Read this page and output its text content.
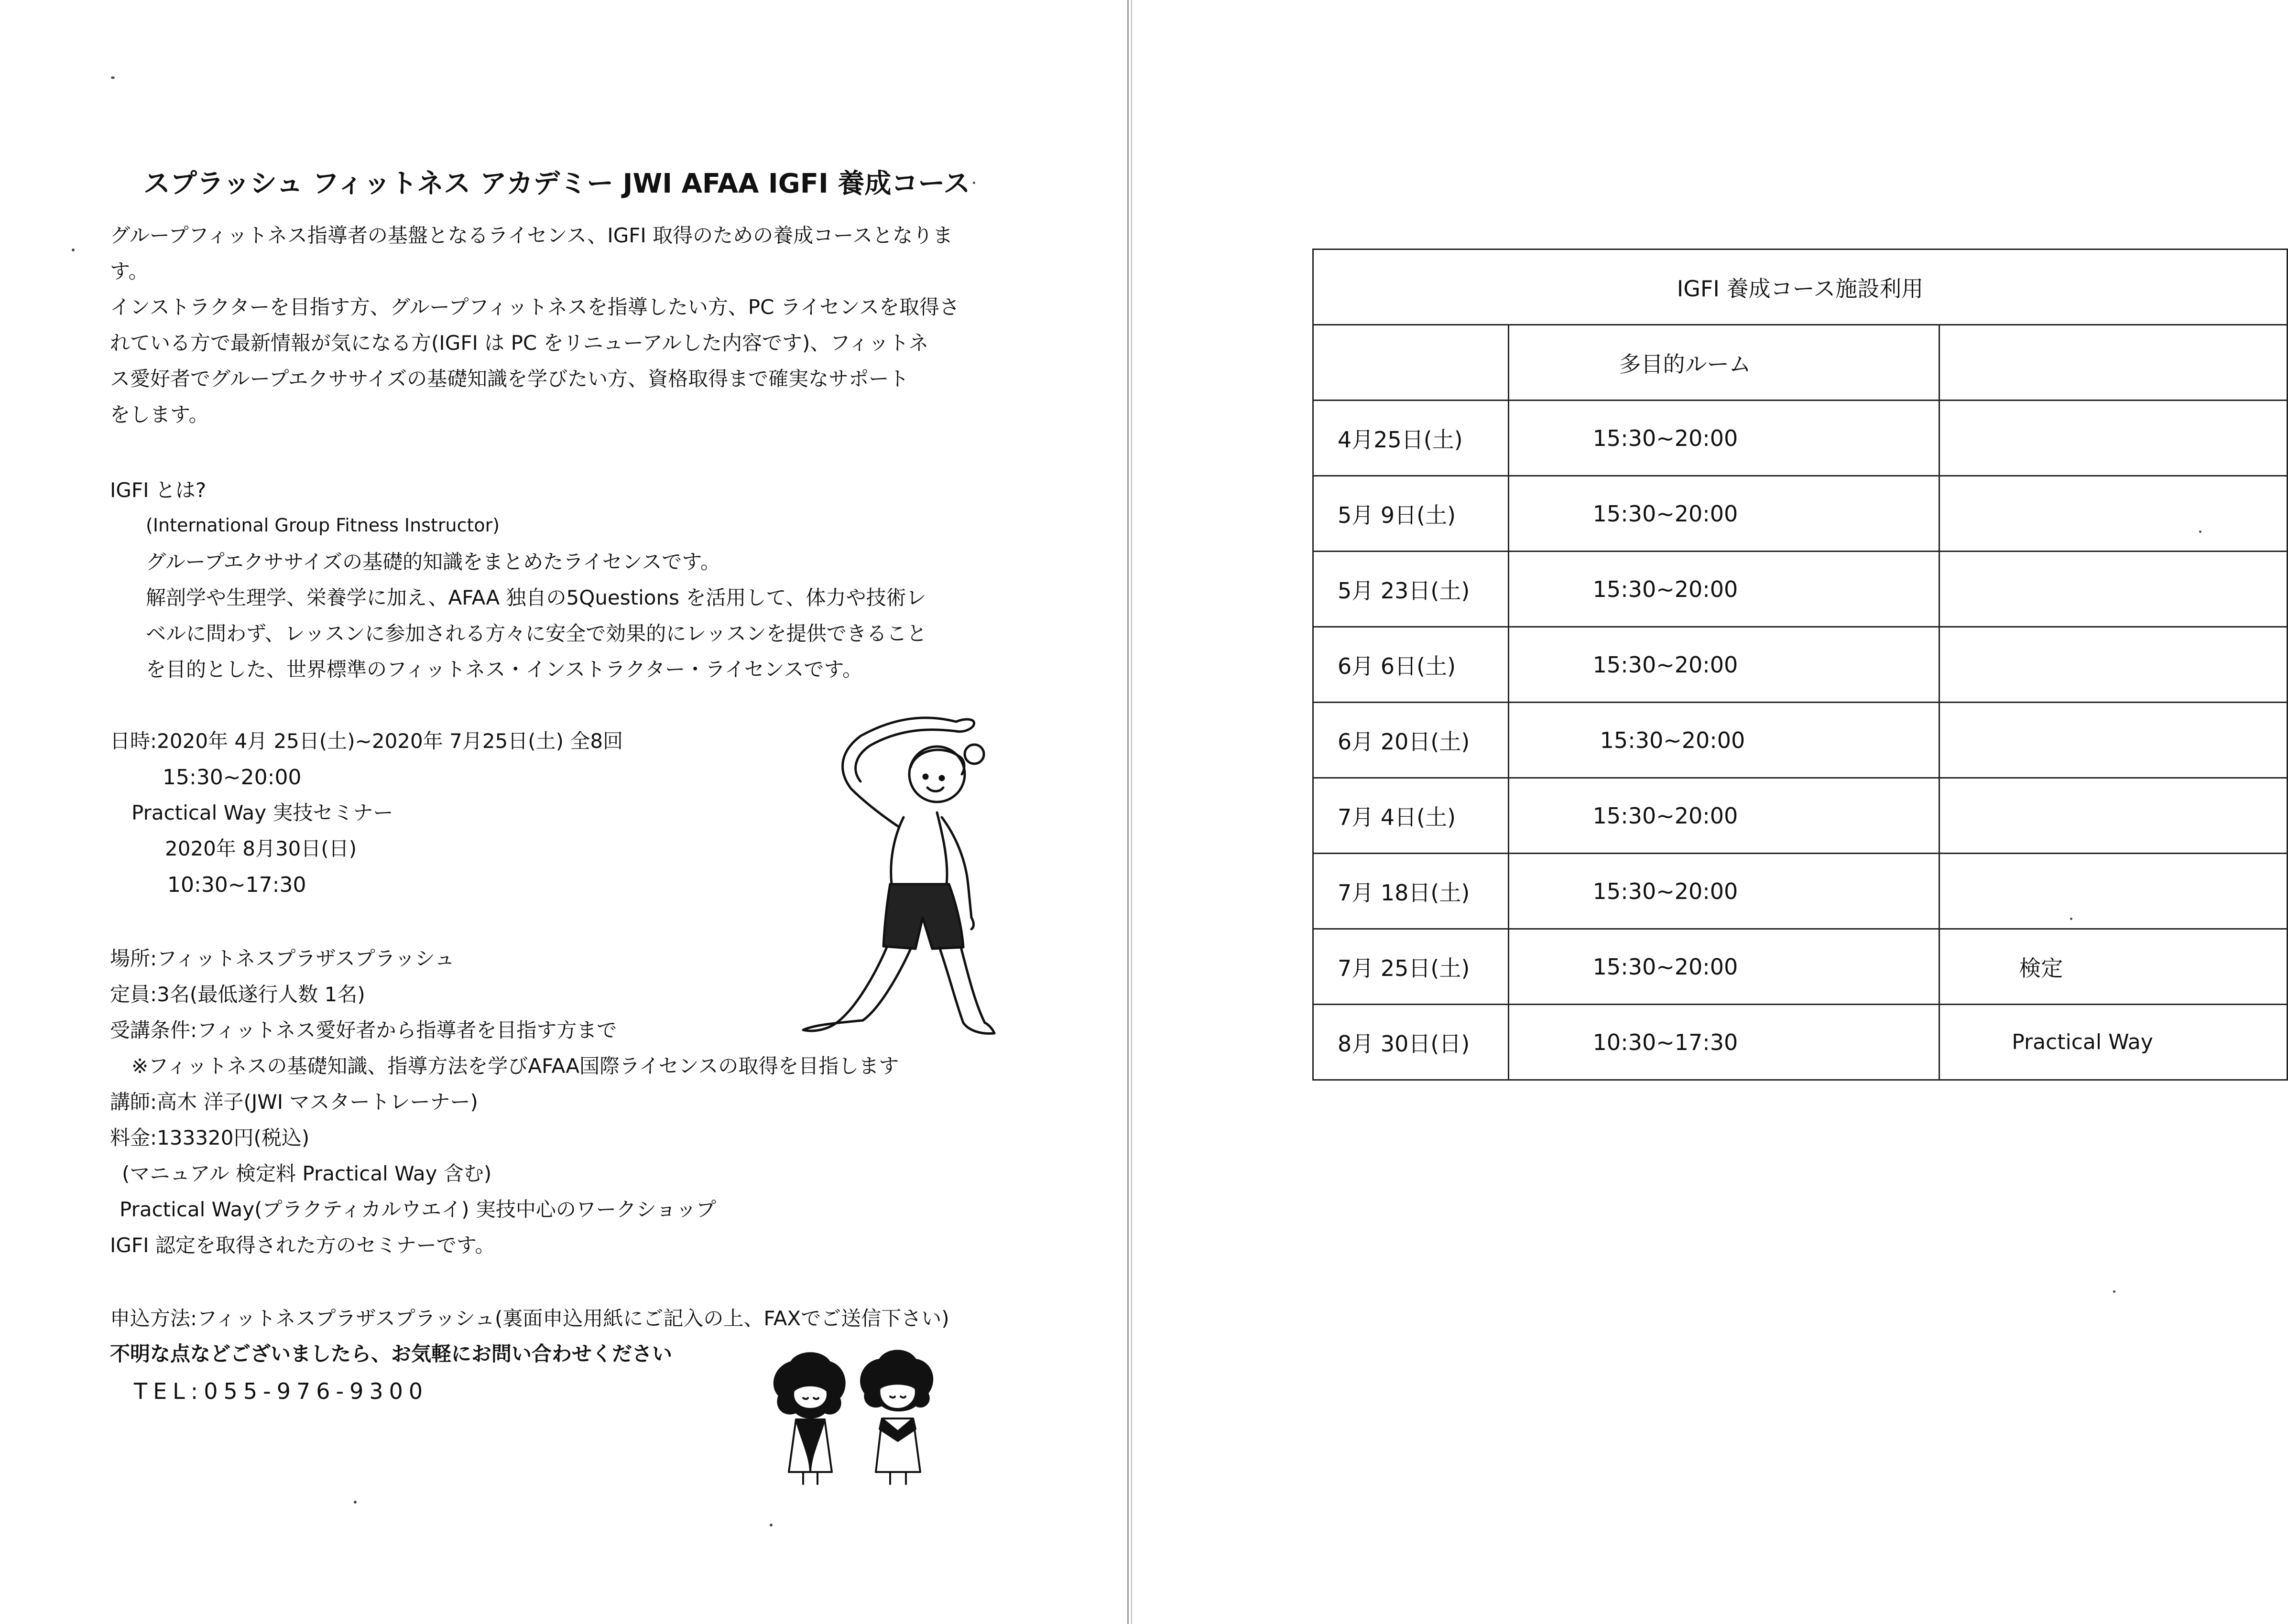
スプラッシュ フィットネス アカデミー JWI AFAA IGFI 養成コース
グループフィットネス指導者の基盤となるライセンス、IGFI 取得のための養成コースとなりま
す。
インストラクターを目指す方、グループフィットネスを指導したい方、PC ライセンスを取得さ
れている方で最新情報が気になる方(IGFI は PC をリニューアルした内容です)、フィットネ
ス愛好者でグループエクササイズの基礎知識を学びたい方、資格取得まで確実なサポート
をします。
IGFI とは?
(International Group Fitness Instructor)
グループエクササイズの基礎的知識をまとめたライセンスです。
解剖学や生理学、栄養学に加え、AFAA 独自の5Questions を活用して、体力や技術レ
ベルに問わず、レッスンに参加される方々に安全で効果的にレッスンを提供できること
を目的とした、世界標準のフィットネス・インストラクター・ライセンスです。
日時:2020年 4月 25日(土)~2020年 7月25日(土) 全8回
15:30~20:00
Practical Way 実技セミナー
2020年 8月30日(日)
10:30~17:30
場所:フィットネスプラザスプラッシュ
定員:3名(最低遂行人数 1名)
受講条件:フィットネス愛好者から指導者を目指す方まで
※フィットネスの基礎知識、指導方法を学びAFAA国際ライセンスの取得を目指します
講師:高木 洋子(JWI マスタートレーナー)
料金:133320円(税込)
(マニュアル 検定料 Practical Way 含む)
Practical Way(プラクティカルウエイ) 実技中心のワークショップ
IGFI 認定を取得された方のセミナーです。
申込方法:フィットネスプラザスプラッシュ(裏面申込用紙にご記入の上、FAXでご送信下さい)
不明な点などございましたら、お気軽にお問い合わせください
TEL:055-976-9300
IGFI 養成コース施設利用		
	多目的ルーム	
4月25日(土)	15:30~20:00	
5月 9日(土)	15:30~20:00	
5月 23日(土)	15:30~20:00	
6月 6日(土)	15:30~20:00	
6月 20日(土)	15:30~20:00	
7月 4日(土)	15:30~20:00	
7月 18日(土)	15:30~20:00	
7月 25日(土)	15:30~20:00	検定
8月 30日(日)	10:30~17:30	Practical Way
